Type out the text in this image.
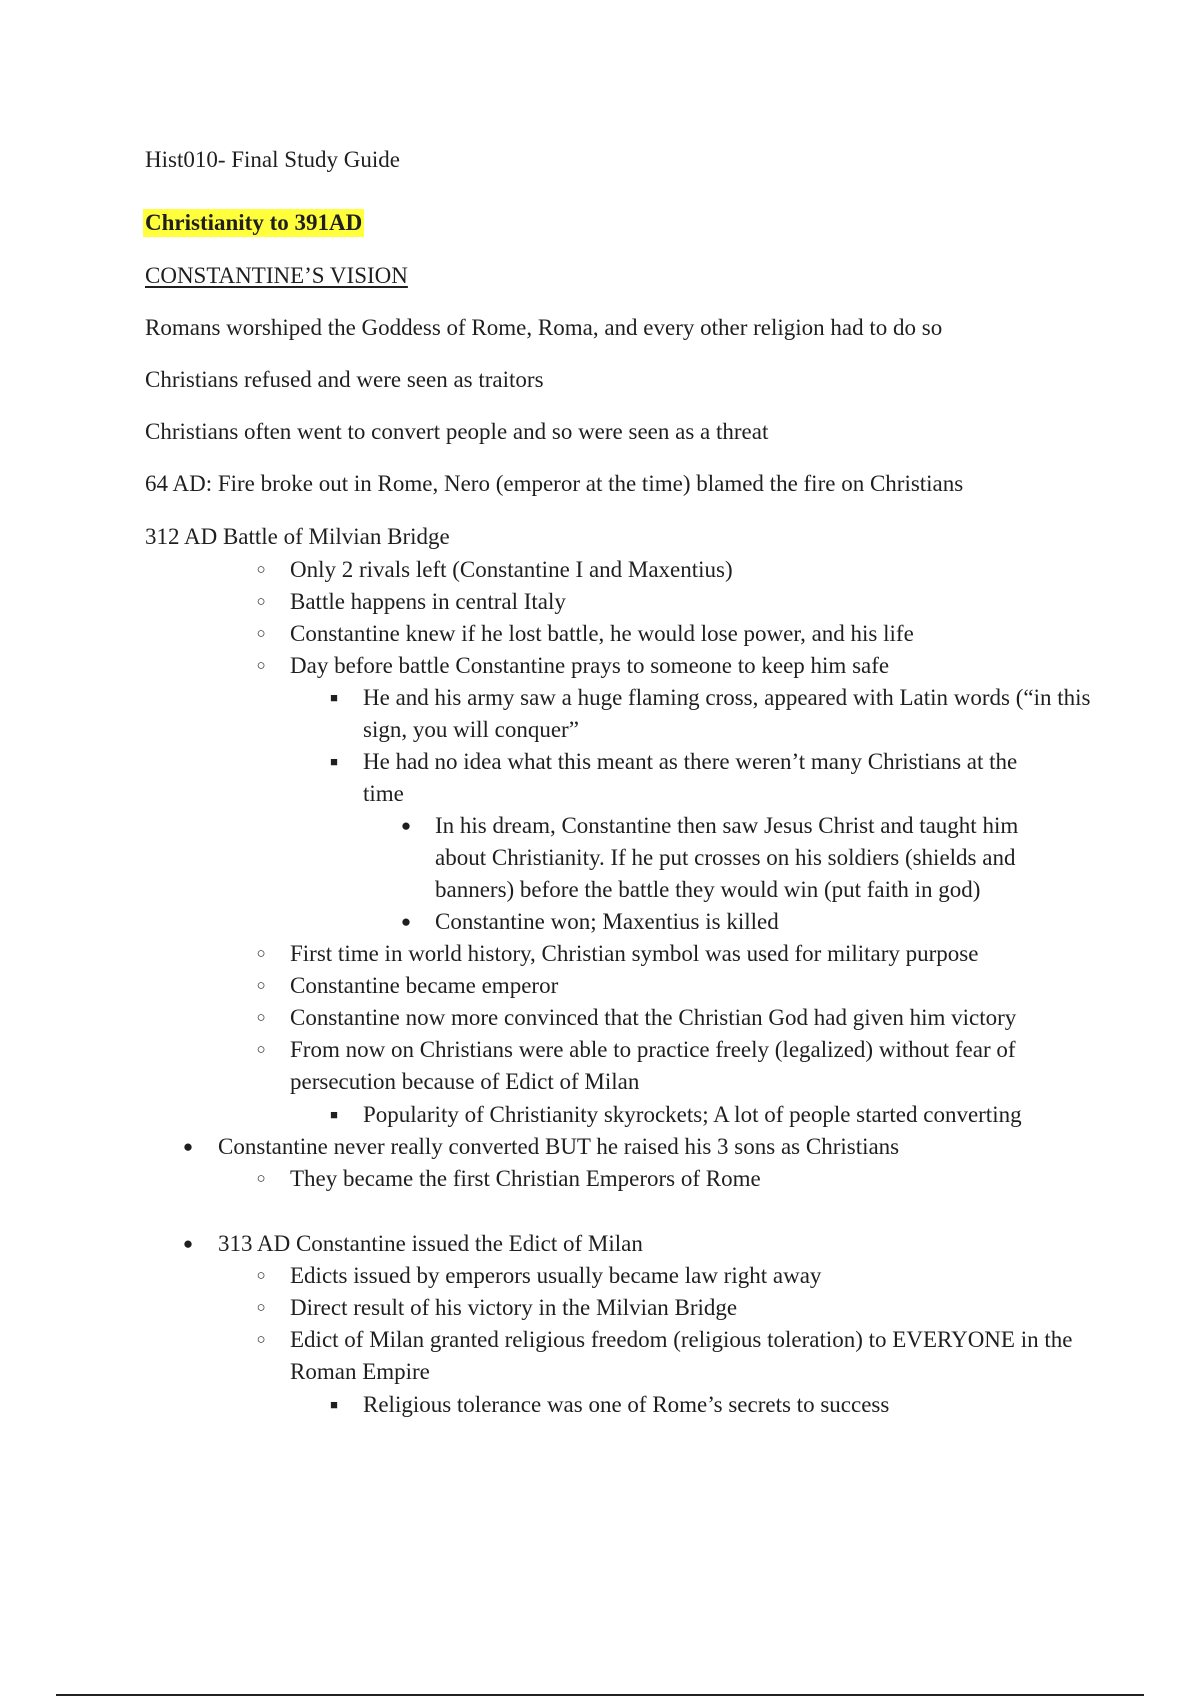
Hist010- Final Study Guide
Christianity to 391AD
CONSTANTINE’S VISION
Romans worshiped the Goddess of Rome, Roma, and every other religion had to do so
Christians refused and were seen as traitors
Christians often went to convert people and so were seen as a threat
64 AD: Fire broke out in Rome, Nero (emperor at the time) blamed the fire on Christians
312 AD Battle of Milvian Bridge
○ Only 2 rivals left (Constantine I and Maxentius)
○ Battle happens in central Italy
○ Constantine knew if he lost battle, he would lose power, and his life
○ Day before battle Constantine prays to someone to keep him safe
■ He and his army saw a huge flaming cross, appeared with Latin words (“in this sign, you will conquer”
■ He had no idea what this meant as there weren’t many Christians at the time
● In his dream, Constantine then saw Jesus Christ and taught him about Christianity. If he put crosses on his soldiers (shields and banners) before the battle they would win (put faith in god)
● Constantine won; Maxentius is killed
○ First time in world history, Christian symbol was used for military purpose
○ Constantine became emperor
○ Constantine now more convinced that the Christian God had given him victory
○ From now on Christians were able to practice freely (legalized) without fear of persecution because of Edict of Milan
■ Popularity of Christianity skyrockets; A lot of people started converting
● Constantine never really converted BUT he raised his 3 sons as Christians
○ They became the first Christian Emperors of Rome
● 313 AD Constantine issued the Edict of Milan
○ Edicts issued by emperors usually became law right away
○ Direct result of his victory in the Milvian Bridge
○ Edict of Milan granted religious freedom (religious toleration) to EVERYONE in the Roman Empire
■ Religious tolerance was one of Rome’s secrets to success
